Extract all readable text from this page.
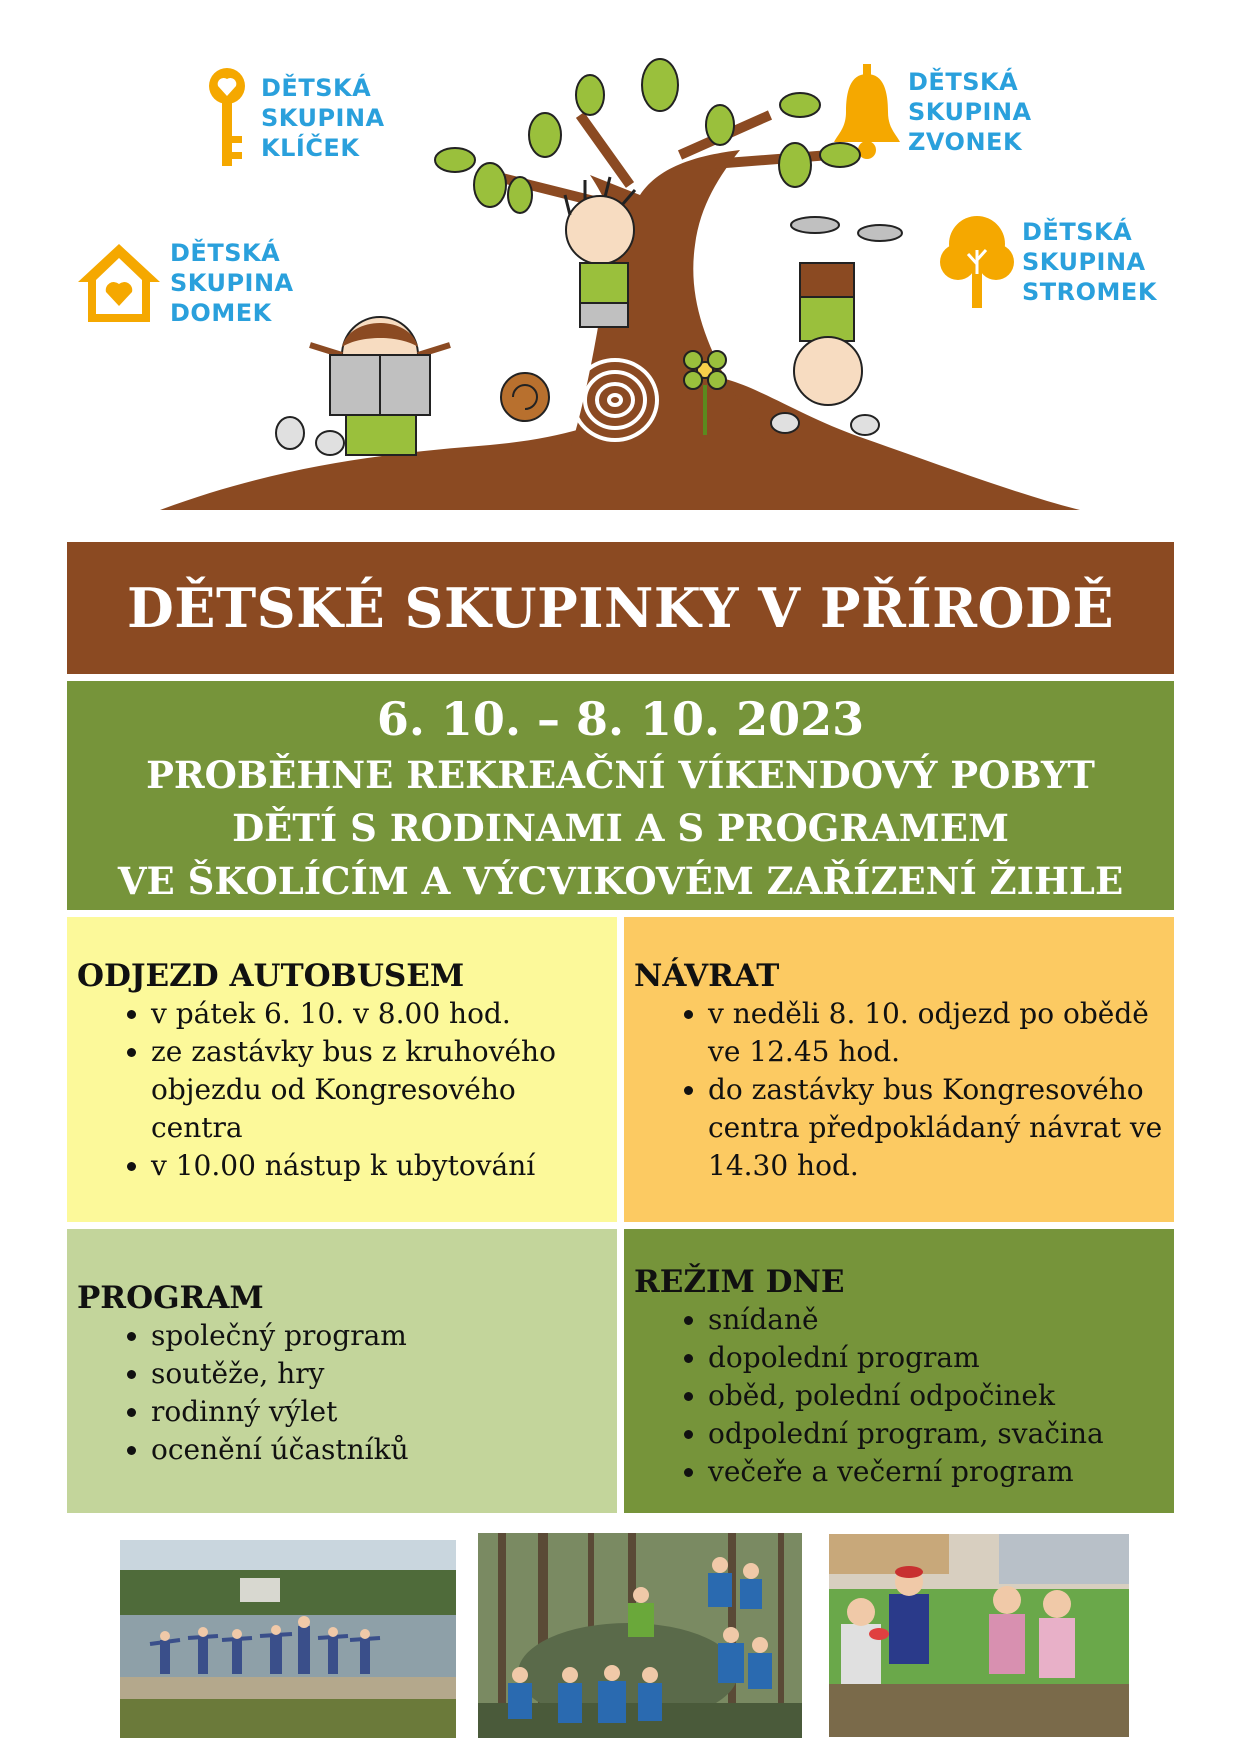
DĚTSKÁ
SKUPINA
KLÍČEK
DĚTSKÁ
SKUPINA
ZVONEK
DĚTSKÁ
SKUPINA
DOMEK
DĚTSKÁ
SKUPINA
STROMEK
DĚTSKÉ SKUPINKY V PŘÍRODĚ
6. 10. – 8. 10. 2023
PROBĚHNE REKREAČNÍ VÍKENDOVÝ POBYT
DĚTÍ S RODINAMI A S PROGRAMEM
VE ŠKOLÍCÍM A VÝCVIKOVÉM ZAŘÍZENÍ ŽIHLE
ODJEZD AUTOBUSEM
• v pátek 6. 10. v 8.00 hod.
• ze zastávky bus z kruhového objezdu od Kongresového centra
• v 10.00 nástup k ubytování
NÁVRAT
• v neděli 8. 10. odjezd po obědě ve 12.45 hod.
• do zastávky bus Kongresového centra předpokládaný návrat ve 14.30 hod.
PROGRAM
• společný program
• soutěže, hry
• rodinný výlet
• ocenění účastníků
REŽIM DNE
• snídaně
• dopolední program
• oběd, polední odpočinek
• odpolední program, svačina
• večeře a večerní program
